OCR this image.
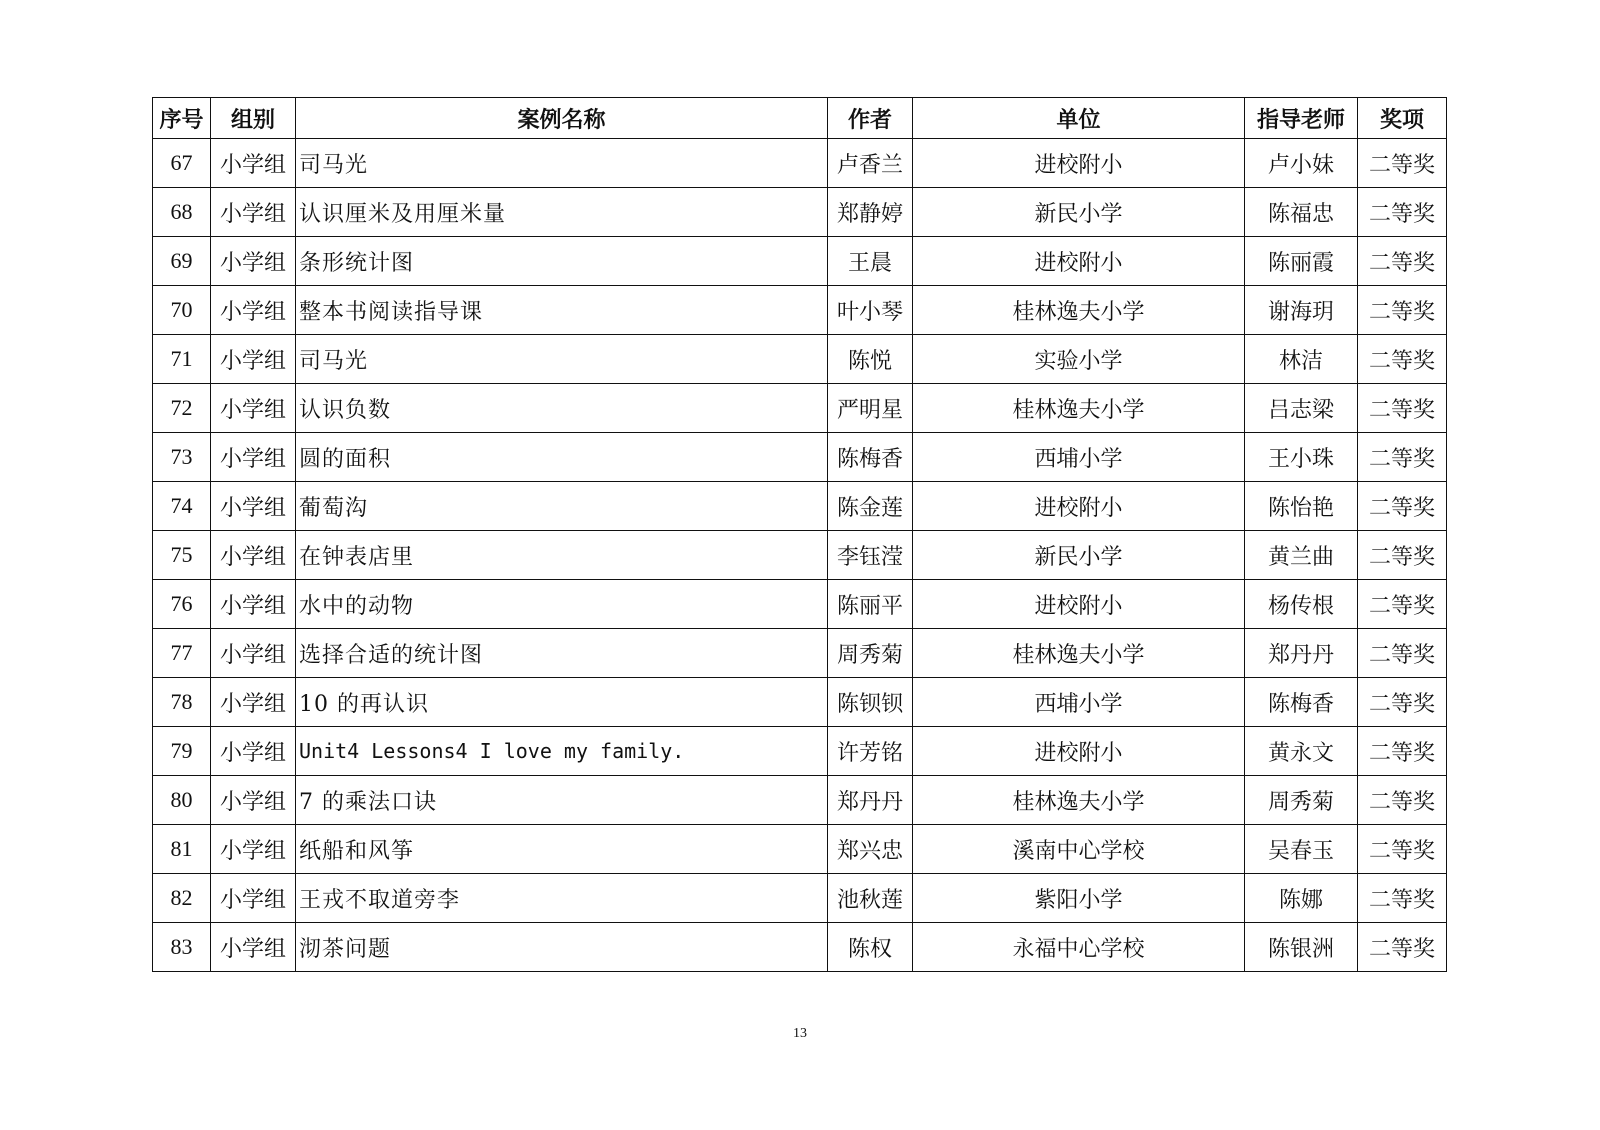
序号	组别	案例名称	作者	单位	指导老师	奖项
67	小学组	司马光	卢香兰	进校附小	卢小妹	二等奖
68	小学组	认识厘米及用厘米量	郑静婷	新民小学	陈福忠	二等奖
69	小学组	条形统计图	王晨	进校附小	陈丽霞	二等奖
70	小学组	整本书阅读指导课	叶小琴	桂林逸夫小学	谢海玥	二等奖
71	小学组	司马光	陈悦	实验小学	林洁	二等奖
72	小学组	认识负数	严明星	桂林逸夫小学	吕志梁	二等奖
73	小学组	圆的面积	陈梅香	西埔小学	王小珠	二等奖
74	小学组	葡萄沟	陈金莲	进校附小	陈怡艳	二等奖
75	小学组	在钟表店里	李钰滢	新民小学	黄兰曲	二等奖
76	小学组	水中的动物	陈丽平	进校附小	杨传根	二等奖
77	小学组	选择合适的统计图	周秀菊	桂林逸夫小学	郑丹丹	二等奖
78	小学组	10 的再认识	陈钡钡	西埔小学	陈梅香	二等奖
79	小学组	Unit4 Lessons4 I love my family.	许芳铭	进校附小	黄永文	二等奖
80	小学组	7 的乘法口诀	郑丹丹	桂林逸夫小学	周秀菊	二等奖
81	小学组	纸船和风筝	郑兴忠	溪南中心学校	吴春玉	二等奖
82	小学组	王戎不取道旁李	池秋莲	紫阳小学	陈娜	二等奖
83	小学组	沏茶问题	陈权	永福中心学校	陈银洲	二等奖
13
